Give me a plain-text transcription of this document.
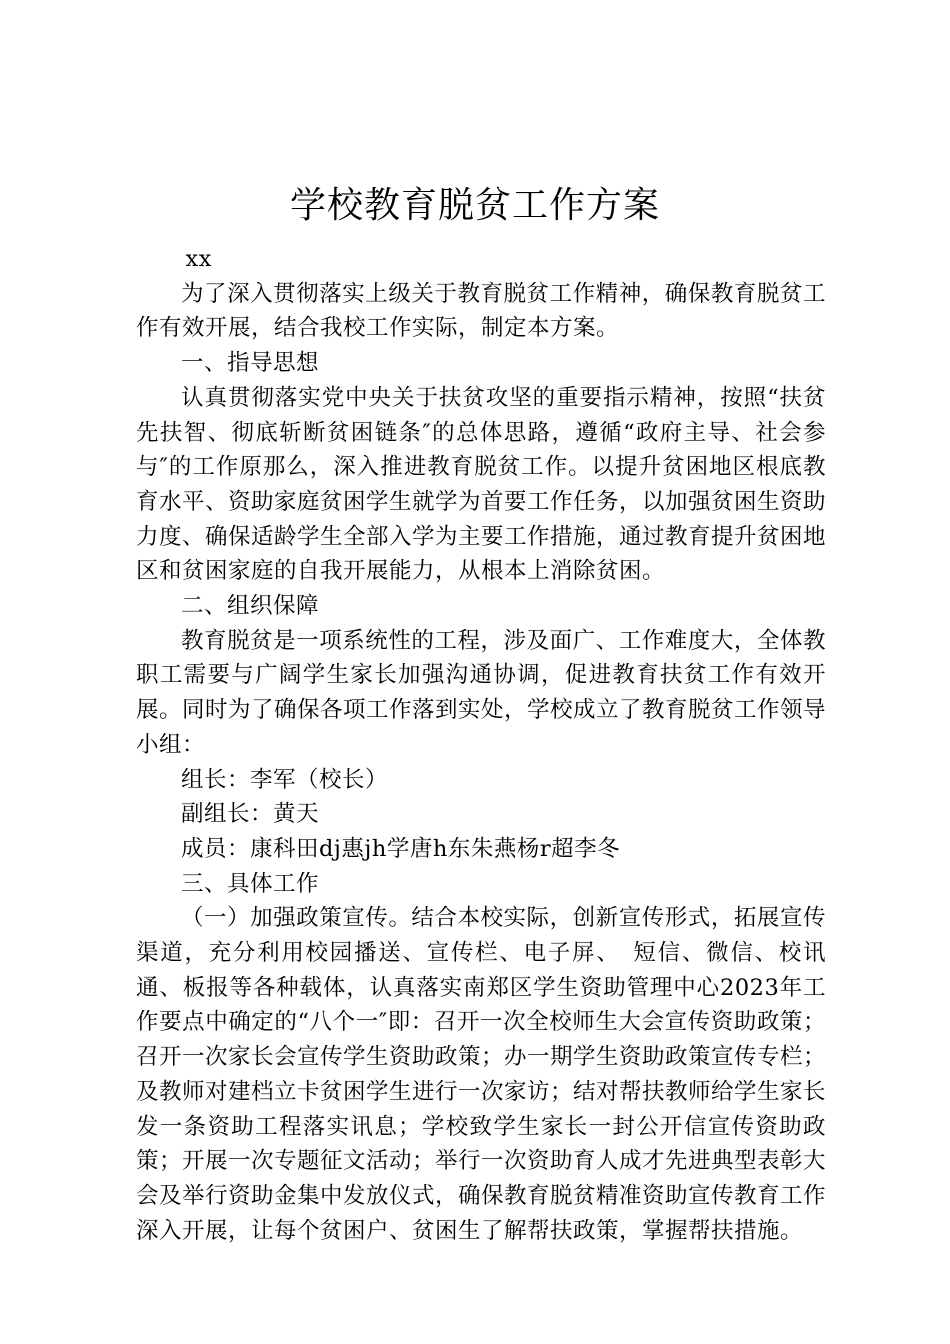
学校教育脱贫工作方案

xx

为了深入贯彻落实上级关于教育脱贫工作精神，确保教育脱贫工作有效开展，结合我校工作实际，制定本方案。

一、指导思想

认真贯彻落实党中央关于扶贫攻坚的重要指示精神，按照“扶贫先扶智、彻底斩断贫困链条″的总体思路，遵循“政府主导、社会参与″的工作原那么，深入推进教育脱贫工作。以提升贫困地区根底教育水平、资助家庭贫困学生就学为首要工作任务，以加强贫困生资助力度、确保适龄学生全部入学为主要工作措施，通过教育提升贫困地区和贫困家庭的自我开展能力，从根本上消除贫困。

二、组织保障

教育脱贫是一项系统性的工程，涉及面广、工作难度大，全体教职工需要与广阔学生家长加强沟通协调，促进教育扶贫工作有效开展。同时为了确保各项工作落到实处，学校成立了教育脱贫工作领导小组：

组长：李军（校长）

副组长：黄天

成员：康科田dj惠jh学唐h东朱燕杨r超李冬

三、具体工作

（一）加强政策宣传。结合本校实际，创新宣传形式，拓展宣传渠道，充分利用校园播送、宣传栏、电子屏、　短信、微信、校讯通、板报等各种载体，认真落实南郑区学生资助管理中心2023年工作要点中确定的“八个一″即：召开一次全校师生大会宣传资助政策；召开一次家长会宣传学生资助政策；办一期学生资助政策宣传专栏；及教师对建档立卡贫困学生进行一次家访；结对帮扶教师给学生家长发一条资助工程落实讯息；学校致学生家长一封公开信宣传资助政策；开展一次专题征文活动；举行一次资助育人成才先进典型表彰大会及举行资助金集中发放仪式，确保教育脱贫精准资助宣传教育工作深入开展，让每个贫困户、贫困生了解帮扶政策，掌握帮扶措施。
